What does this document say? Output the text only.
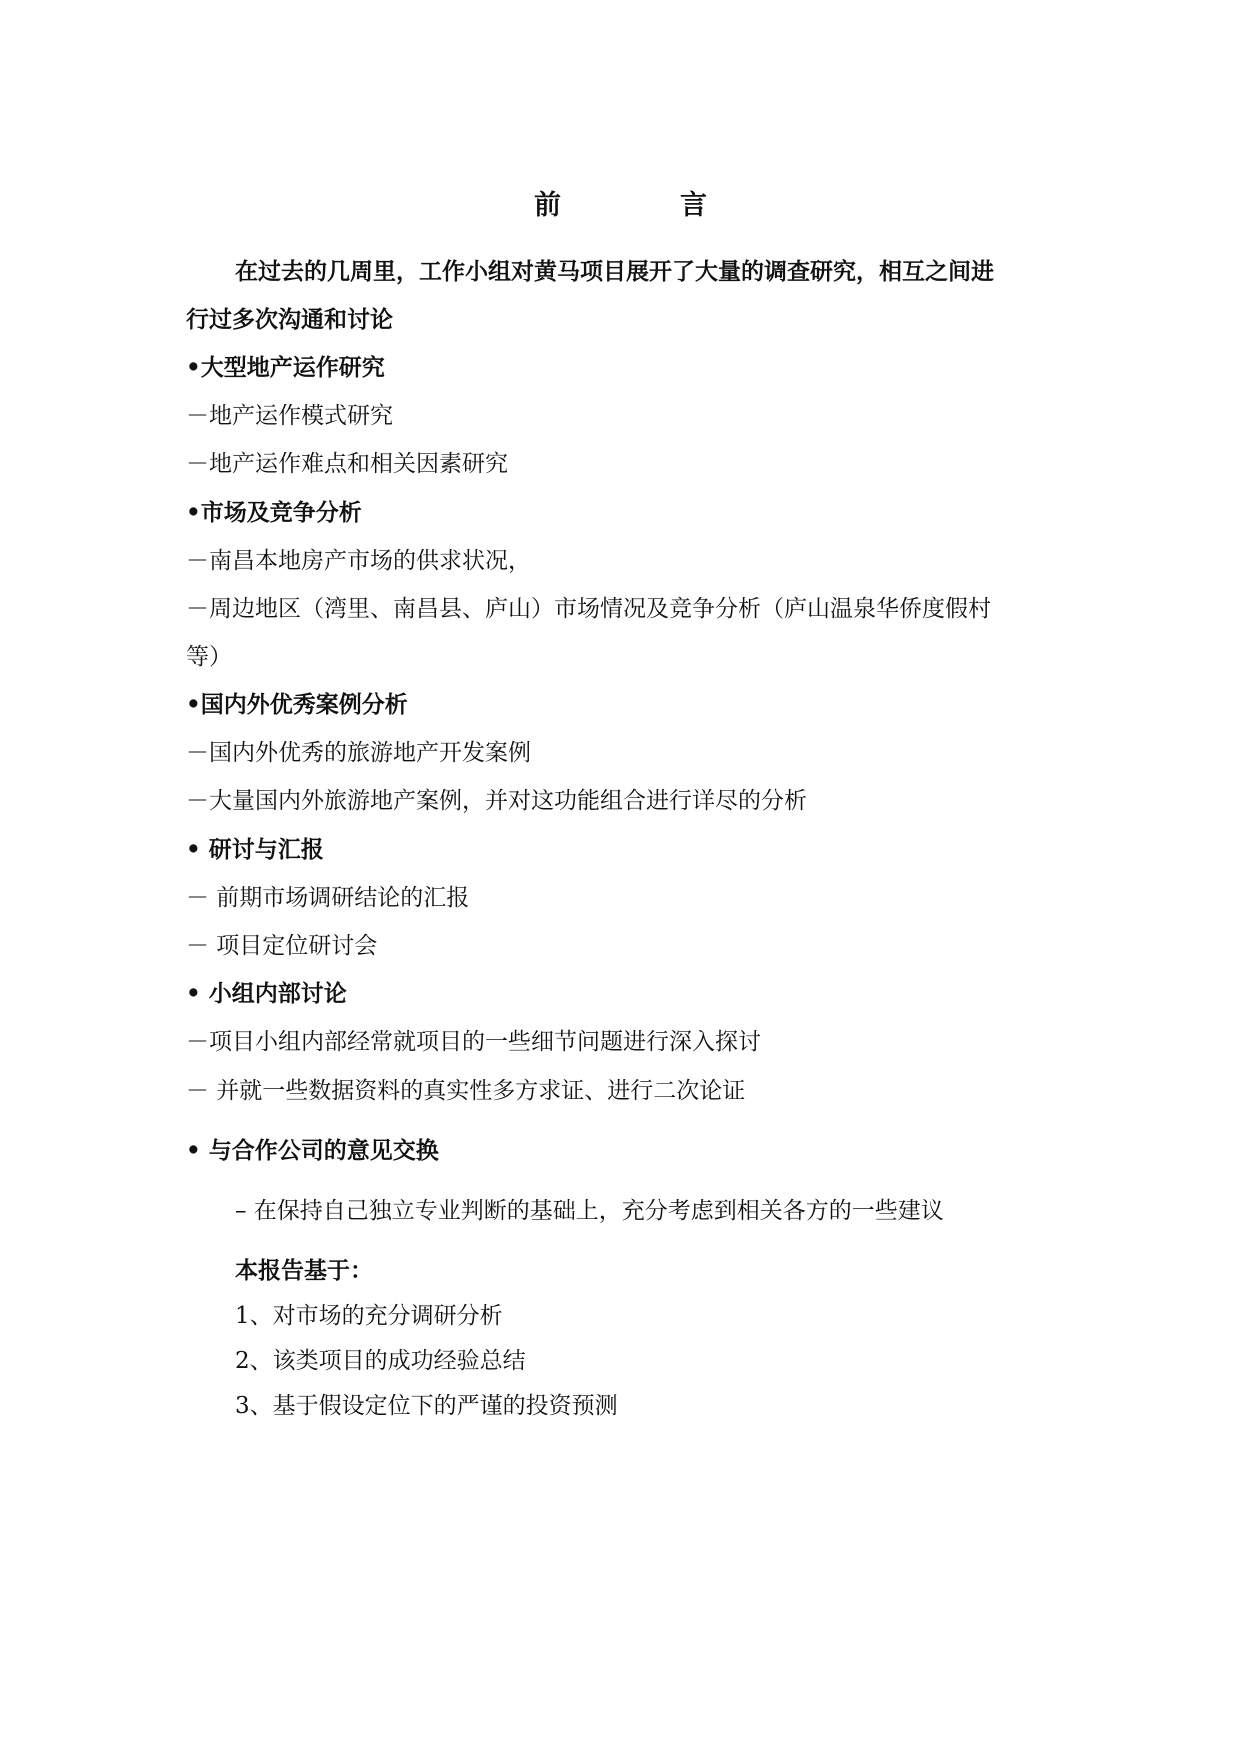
前　言
在过去的几周里，工作小组对黄马项目展开了大量的调查研究，相互之间进
行过多次沟通和讨论
•大型地产运作研究
－地产运作模式研究
－地产运作难点和相关因素研究
•市场及竞争分析
－南昌本地房产市场的供求状况，
－周边地区（湾里、南昌县、庐山）市场情况及竞争分析（庐山温泉华侨度假村
等）
•国内外优秀案例分析
－国内外优秀的旅游地产开发案例
－大量国内外旅游地产案例，并对这功能组合进行详尽的分析
• 研讨与汇报
－ 前期市场调研结论的汇报
－ 项目定位研讨会
• 小组内部讨论
－项目小组内部经常就项目的一些细节问题进行深入探讨
－ 并就一些数据资料的真实性多方求证、进行二次论证
• 与合作公司的意见交换
– 在保持自己独立专业判断的基础上，充分考虑到相关各方的一些建议
本报告基于：
1、对市场的充分调研分析
2、该类项目的成功经验总结
3、基于假设定位下的严谨的投资预测
